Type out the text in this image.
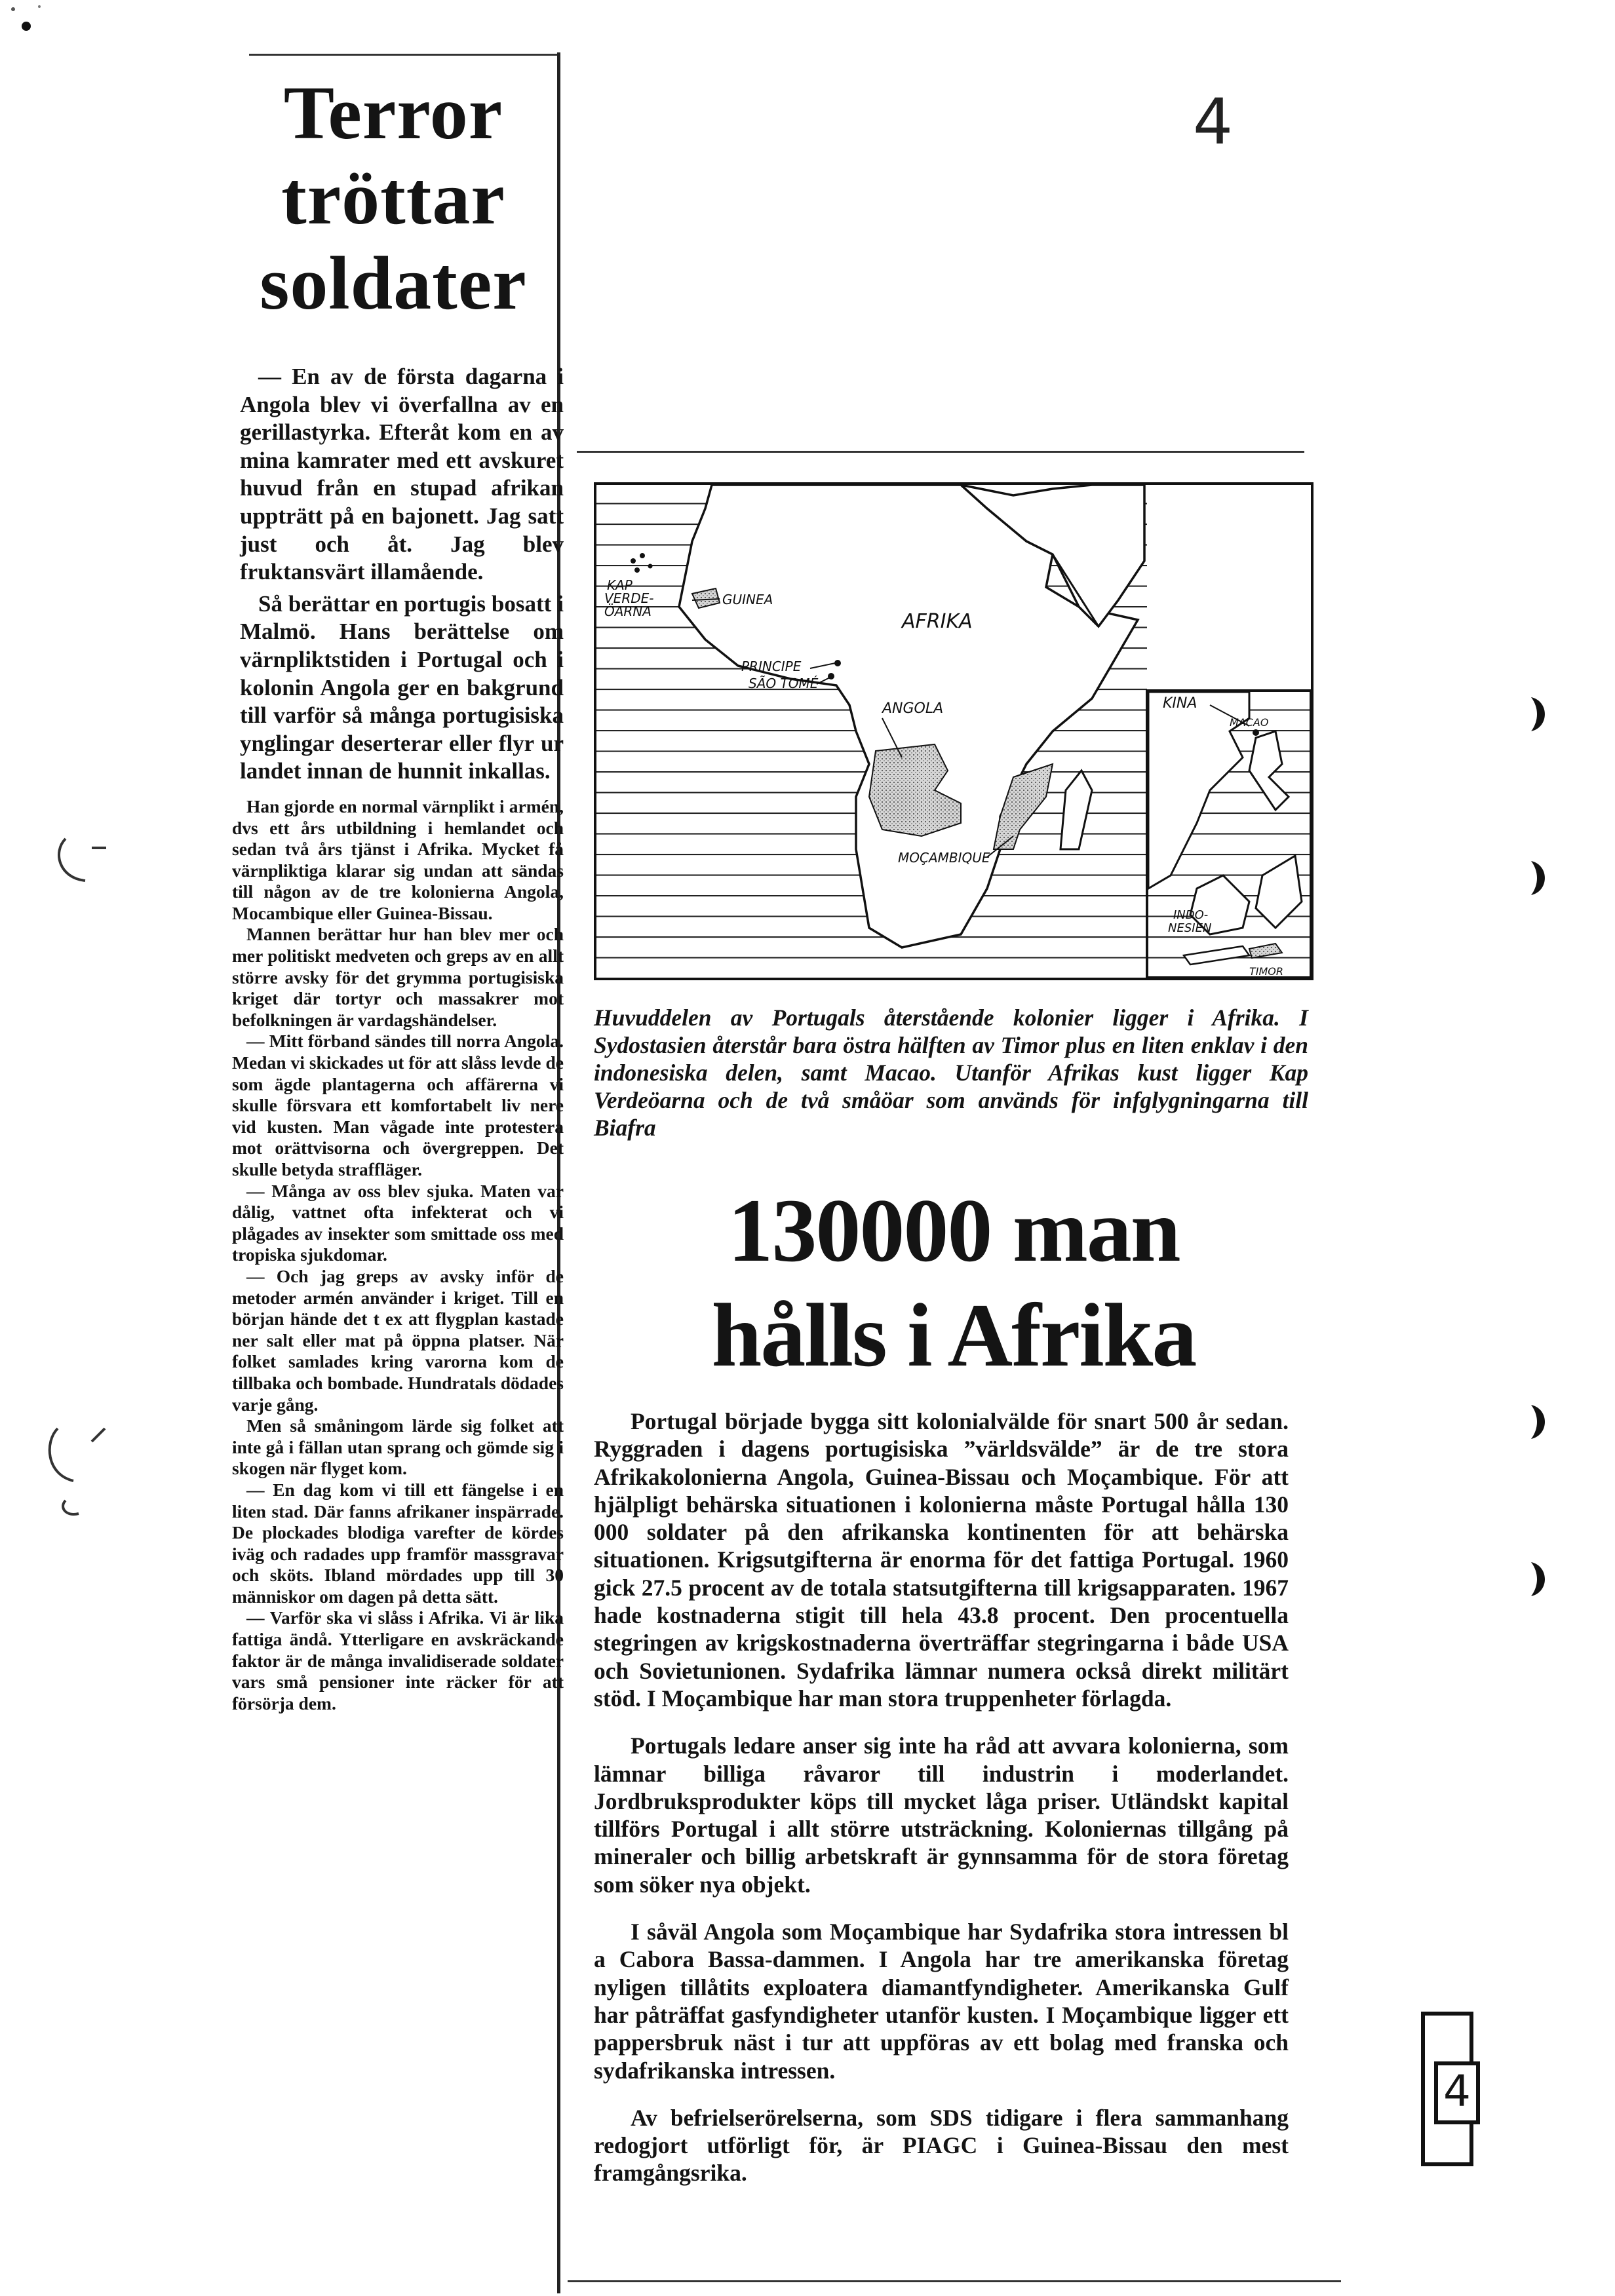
4
4
Terror
tröttar
soldater

— En av de första dagarna i Angola blev vi överfallna av en gerillastyrka. Efteråt kom en av mina kamrater med ett avskuret huvud från en stupad afrikan uppträtt på en bajonett. Jag satt just och åt. Jag blev fruktansvärt illamående.

Så berättar en portugis bosatt i Malmö. Hans berättelse om värnpliktstiden i Portugal och i kolonin Angola ger en bakgrund till varför så många portugisiska ynglingar deserterar eller flyr ur landet innan de hunnit inkallas.

Han gjorde en normal värnplikt i armén, dvs ett års utbildning i hemlandet och sedan två års tjänst i Afrika. Mycket få värnpliktiga klarar sig undan att sändas till någon av de tre kolonierna Angola, Mocambique eller Guinea-Bissau.

Mannen berättar hur han blev mer och mer politiskt medveten och greps av en allt större avsky för det grymma portugisiska kriget där tortyr och massakrer mot befolkningen är vardagshändelser.

— Mitt förband sändes till norra Angola. Medan vi skickades ut för att slåss levde de som ägde plantagerna och affärerna vi skulle försvara ett komfortabelt liv nere vid kusten. Man vågade inte protestera mot orättvisorna och övergreppen. Det skulle betyda straffläger.

— Många av oss blev sjuka. Maten var dålig, vattnet ofta infekterat och vi plågades av insekter som smittade oss med tropiska sjukdomar.

— Och jag greps av avsky inför de metoder armén använder i kriget. Till en början hände det t ex att flygplan kastade ner salt eller mat på öppna platser. När folket samlades kring varorna kom de tillbaka och bombade. Hundratals dödades varje gång.

Men så småningom lärde sig folket att inte gå i fällan utan sprang och gömde sig i skogen när flyget kom.

— En dag kom vi till ett fängelse i en liten stad. Där fanns afrikaner inspärrade. De plockades blodiga varefter de kördes iväg och radades upp framför massgravar och sköts. Ibland mördades upp till 30 människor om dagen på detta sätt.

— Varför ska vi slåss i Afrika. Vi är lika fattiga ändå. Ytterligare en avskräckande faktor är de många invalidiserade soldater vars små pensioner inte räcker för att försörja dem.

KAP
VERDE-
ÖARNA
GUINEA
AFRIKA
PRINCIPE
SÃO TOMÉ
ANGOLA
MOÇAMBIQUE
KINA
MACAO
INDO-
NESIEN
TIMOR
Huvuddelen av Portugals återstående kolonier ligger i Afrika. I Sydostasien återstår bara östra hälften av Timor plus en liten enklav i den indonesiska delen, samt Macao. Utanför Afrikas kust ligger Kap Verdeöarna och de två småöar som används för infglygningarna till Biafra
130000 man
hålls i Afrika

Portugal började bygga sitt kolonialvälde för snart 500 år sedan. Ryggraden i dagens portugisiska ”världsvälde” är de tre stora Afrikakolonierna Angola, Guinea-Bissau och Moçambique. För att hjälpligt behärska situationen i kolonierna måste Portugal hålla 130 000 soldater på den afrikanska kontinenten för att behärska situationen. Krigsutgifterna är enorma för det fattiga Portugal. 1960 gick 27.5 procent av de totala statsutgifterna till krigsapparaten. 1967 hade kostnaderna stigit till hela 43.8 procent. Den procentuella stegringen av krigskostnaderna överträffar stegringarna i både USA och Sovietunionen. Sydafrika lämnar numera också direkt militärt stöd. I Moçambique har man stora truppenheter förlagda.

Portugals ledare anser sig inte ha råd att avvara kolonierna, som lämnar billiga råvaror till industrin i moderlandet. Jordbruksprodukter köps till mycket låga priser. Utländskt kapital tillförs Portugal i allt större utsträckning. Koloniernas tillgång på mineraler och billig arbetskraft är gynnsamma för de stora företag som söker nya objekt.

I såväl Angola som Moçambique har Sydafrika stora intressen bl a Cabora Bassa-dammen. I Angola har tre amerikanska företag nyligen tillåtits exploatera diamantfyndigheter. Amerikanska Gulf har påträffat gasfyndigheter utanför kusten. I Moçambique ligger ett pappersbruk näst i tur att uppföras av ett bolag med franska och sydafrikanska intressen.

Av befrielserörelserna, som SDS tidigare i flera sammanhang redogjort utförligt för, är PIAGC i Guinea-Bissau den mest framgångsrika.
